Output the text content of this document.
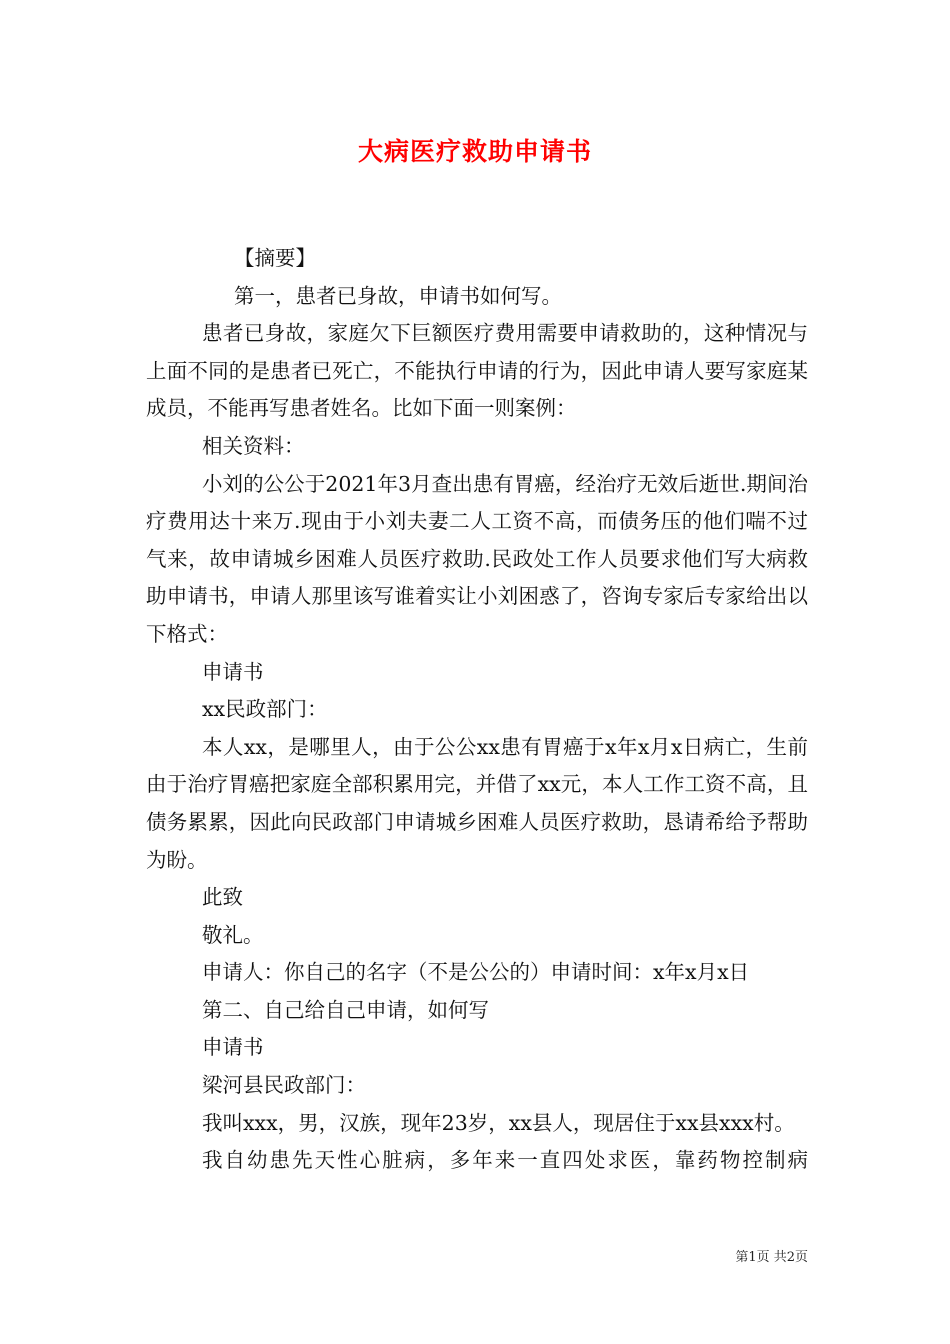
大病医疗救助申请书

【摘要】

第一，患者已身故，申请书如何写。

患者已身故，家庭欠下巨额医疗费用需要申请救助的，这种情况与上面不同的是患者已死亡，不能执行申请的行为，因此申请人要写家庭某成员，不能再写患者姓名。比如下面一则案例：

相关资料：

小刘的公公于2021年3月查出患有胃癌，经治疗无效后逝世.期间治疗费用达十来万.现由于小刘夫妻二人工资不高，而债务压的他们喘不过气来，故申请城乡困难人员医疗救助.民政处工作人员要求他们写大病救助申请书，申请人那里该写谁着实让小刘困惑了，咨询专家后专家给出以下格式：

申请书

xx民政部门：

本人xx，是哪里人，由于公公xx患有胃癌于x年x月x日病亡，生前由于治疗胃癌把家庭全部积累用完，并借了xx元，本人工作工资不高，且债务累累，因此向民政部门申请城乡困难人员医疗救助，恳请希给予帮助为盼。

此致

敬礼。

申请人：你自己的名字（不是公公的）申请时间：x年x月x日

第二、自己给自己申请，如何写

申请书

梁河县民政部门：

我叫xxx，男，汉族，现年23岁，xx县人，现居住于xx县xxx村。

我自幼患先天性心脏病，多年来一直四处求医，靠药物控制病

第1页 共2页
